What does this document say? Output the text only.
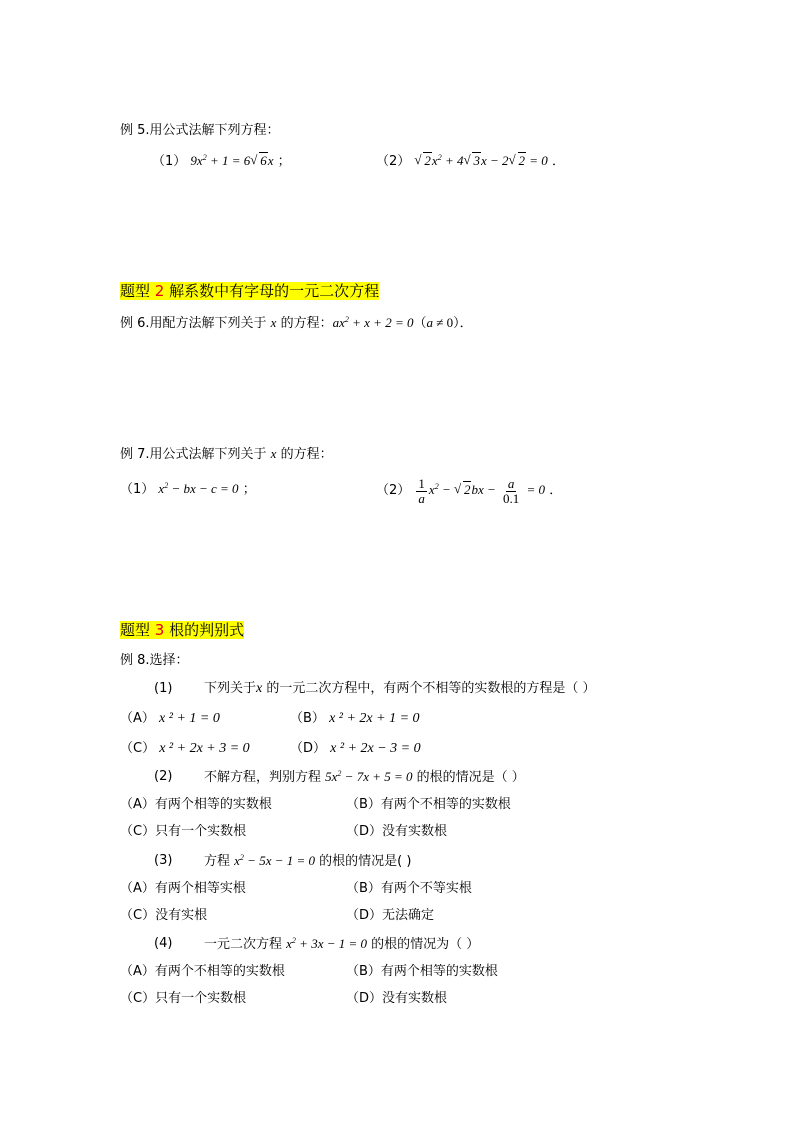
例 5.用公式法解下列方程：
（1） $9x^2 + 1 = 6$ √ 6x ；	（2） √ $2x^2 + 4$ √ 3x − 2 √ 2 = 0 ．
题型 2 解系数中有字母的一元二次方程
例 6.用配方法解下列关于 x 的方程：$ax^2 + x + 2 = 0(a \ne 0)$．
例 7.用公式法解下列关于 x 的方程：
（1） $x^2$ − bx − c = 0 ；	$(2) \frac{1}{a} x^2$ − √ $2bx - \frac{a}{0.1} = 0$ ．
题型 3 根的判别式
例 8.选择：
(1) 下列关于x 的一元二次方程中，有两个不相等的实数根的方程是（ ）
（A） x ² + 1 = 0	（B） x ² + 2x + 1 = 0
（C） x ² + 2x + 3 = 0	（D） x ² + 2x − 3 = 0
(2) 不解方程，判别方程 $5x^2 - 7x + 5 = 0$ 的根的情况是（ ）
（A）有两个相等的实数根	（B）有两个不相等的实数根
（C）只有一个实数根	（D）没有实数根
(3) 方程 $x^2 - 5x - 1 = 0$ 的根的情况是( )
（A）有两个相等实根	（B）有两个不等实根
（C）没有实根	（D）无法确定
(4) 一元二次方程 $x^2 + 3x - 1 = 0$ 的根的情况为（ ）
（A）有两个不相等的实数根	（B）有两个相等的实数根
（C）只有一个实数根	（D）没有实数根
